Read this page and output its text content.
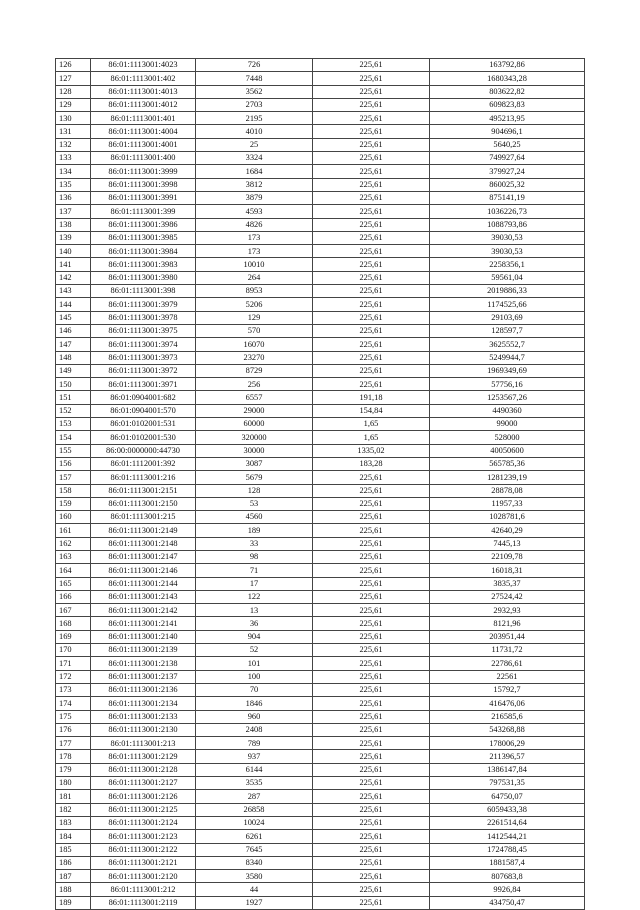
126	86:01:1113001:4023	726	225,61	163792,86
127	86:01:1113001:402	7448	225,61	1680343,28
128	86:01:1113001:4013	3562	225,61	803622,82
129	86:01:1113001:4012	2703	225,61	609823,83
130	86:01:1113001:401	2195	225,61	495213,95
131	86:01:1113001:4004	4010	225,61	904696,1
132	86:01:1113001:4001	25	225,61	5640,25
133	86:01:1113001:400	3324	225,61	749927,64
134	86:01:1113001:3999	1684	225,61	379927,24
135	86:01:1113001:3998	3812	225,61	860025,32
136	86:01:1113001:3991	3879	225,61	875141,19
137	86:01:1113001:399	4593	225,61	1036226,73
138	86:01:1113001:3986	4826	225,61	1088793,86
139	86:01:1113001:3985	173	225,61	39030,53
140	86:01:1113001:3984	173	225,61	39030,53
141	86:01:1113001:3983	10010	225,61	2258356,1
142	86:01:1113001:3980	264	225,61	59561,04
143	86:01:1113001:398	8953	225,61	2019886,33
144	86:01:1113001:3979	5206	225,61	1174525,66
145	86:01:1113001:3978	129	225,61	29103,69
146	86:01:1113001:3975	570	225,61	128597,7
147	86:01:1113001:3974	16070	225,61	3625552,7
148	86:01:1113001:3973	23270	225,61	5249944,7
149	86:01:1113001:3972	8729	225,61	1969349,69
150	86:01:1113001:3971	256	225,61	57756,16
151	86:01:0904001:682	6557	191,18	1253567,26
152	86:01:0904001:570	29000	154,84	4490360
153	86:01:0102001:531	60000	1,65	99000
154	86:01:0102001:530	320000	1,65	528000
155	86:00:0000000:44730	30000	1335,02	40050600
156	86:01:1112001:392	3087	183,28	565785,36
157	86:01:1113001:216	5679	225,61	1281239,19
158	86:01:1113001:2151	128	225,61	28878,08
159	86:01:1113001:2150	53	225,61	11957,33
160	86:01:1113001:215	4560	225,61	1028781,6
161	86:01:1113001:2149	189	225,61	42640,29
162	86:01:1113001:2148	33	225,61	7445,13
163	86:01:1113001:2147	98	225,61	22109,78
164	86:01:1113001:2146	71	225,61	16018,31
165	86:01:1113001:2144	17	225,61	3835,37
166	86:01:1113001:2143	122	225,61	27524,42
167	86:01:1113001:2142	13	225,61	2932,93
168	86:01:1113001:2141	36	225,61	8121,96
169	86:01:1113001:2140	904	225,61	203951,44
170	86:01:1113001:2139	52	225,61	11731,72
171	86:01:1113001:2138	101	225,61	22786,61
172	86:01:1113001:2137	100	225,61	22561
173	86:01:1113001:2136	70	225,61	15792,7
174	86:01:1113001:2134	1846	225,61	416476,06
175	86:01:1113001:2133	960	225,61	216585,6
176	86:01:1113001:2130	2408	225,61	543268,88
177	86:01:1113001:213	789	225,61	178006,29
178	86:01:1113001:2129	937	225,61	211396,57
179	86:01:1113001:2128	6144	225,61	1386147,84
180	86:01:1113001:2127	3535	225,61	797531,35
181	86:01:1113001:2126	287	225,61	64750,07
182	86:01:1113001:2125	26858	225,61	6059433,38
183	86:01:1113001:2124	10024	225,61	2261514,64
184	86:01:1113001:2123	6261	225,61	1412544,21
185	86:01:1113001:2122	7645	225,61	1724788,45
186	86:01:1113001:2121	8340	225,61	1881587,4
187	86:01:1113001:2120	3580	225,61	807683,8
188	86:01:1113001:212	44	225,61	9926,84
189	86:01:1113001:2119	1927	225,61	434750,47
